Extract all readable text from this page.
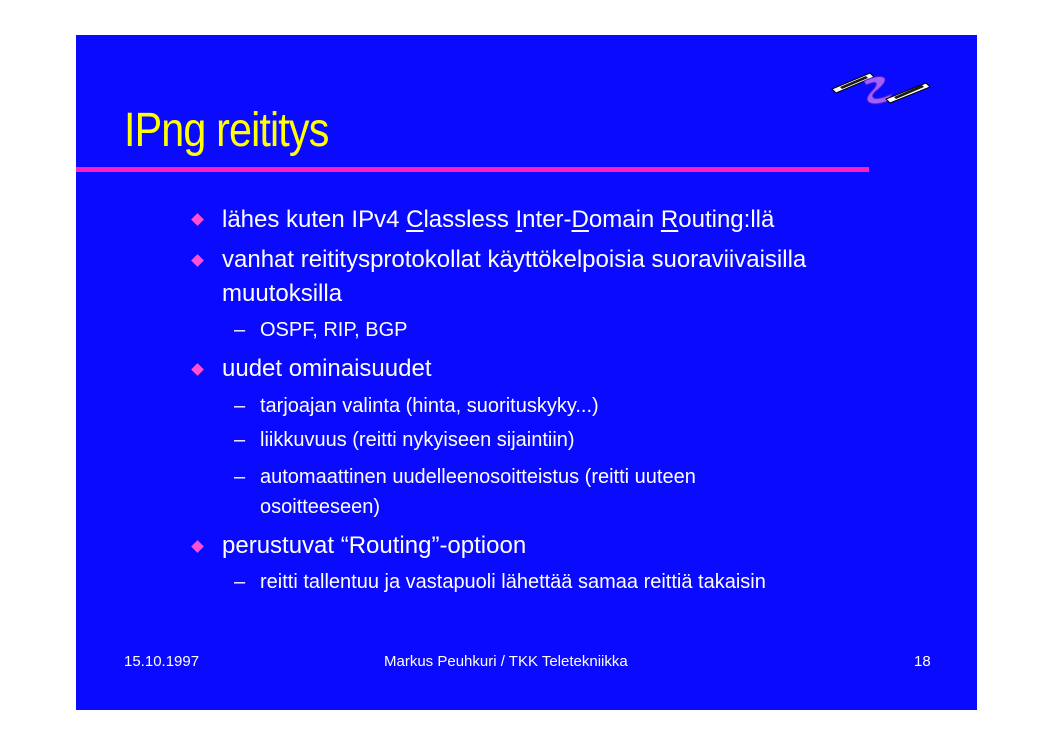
IPng reititys
lähes kuten IPv4 Classless Inter-Domain Routing:llä
vanhat reititysprotokollat käyttökelpoisia suoraviivaisilla
muutoksilla
– OSPF, RIP, BGP
uudet ominaisuudet
– tarjoajan valinta (hinta, suorituskyky...)
– liikkuvuus (reitti nykyiseen sijaintiin)
– automaattinen uudelleenosoitteistus (reitti uuteen
osoitteeseen)
perustuvat “Routing”-optioon
– reitti tallentuu ja vastapuoli lähettää samaa reittiä takaisin
15.10.1997	Markus Peuhkuri / TKK Teletekniikka	18
